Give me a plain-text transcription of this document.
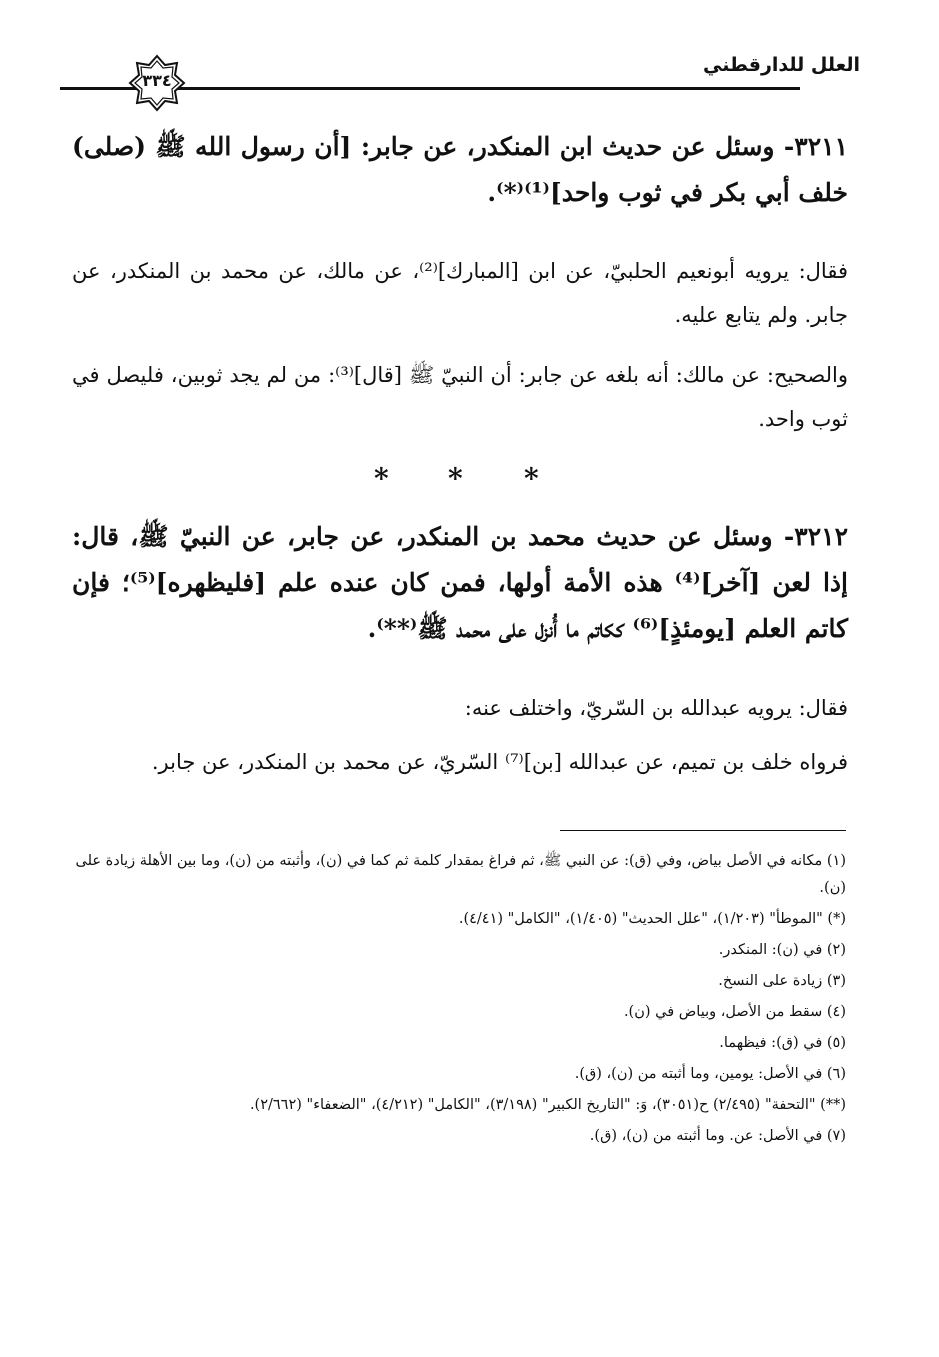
٣٣٤
العلل للدارقطني
٣٢١١- وسئل عن حديث ابن المنكدر، عن جابر: [أن رسول الله ﷺ (صلى) خلف أبي بكر في ثوب واحد]⁽¹⁾⁽*⁾.
فقال: يرويه أبونعيم الحلبيّ، عن ابن [المبارك]⁽²⁾، عن مالك، عن محمد بن المنكدر، عن جابر. ولم يتابع عليه.
والصحيح: عن مالك: أنه بلغه عن جابر: أن النبيّ ﷺ [قال]⁽³⁾: من لم يجد ثوبين، فليصل في ثوب واحد.
* * *
٣٢١٢- وسئل عن حديث محمد بن المنكدر، عن جابر، عن النبيّ ﷺ، قال: إذا لعن [آخر]⁽⁴⁾ هذه الأمة أولها، فمن كان عنده علم [فليظهره]⁽⁵⁾؛ فإن كاتم العلم [يومئذٍ]⁽⁶⁾ ككاتم ما أُنزل على محمد ﷺ⁽**⁾.
فقال: يرويه عبدالله بن السّريّ، واختلف عنه:
فرواه خلف بن تميم، عن عبدالله [بن]⁽⁷⁾ السّريّ، عن محمد بن المنكدر، عن جابر.

(١) مكانه في الأصل بياض، وفي (ق): عن النبي ﷺ، ثم فراغ بمقدار كلمة ثم كما في (ن)، وأثبته من (ن)، وما بين الأهلة زيادة على (ن).

(*) "الموطأ" (١/٢٠٣)، "علل الحديث" (١/٤٠٥)، "الكامل" (٤/٤١).

(٢) في (ن): المنكدر.

(٣) زيادة على النسخ.

(٤) سقط من الأصل، وبياض في (ن).

(٥) في (ق): فيظهما.

(٦) في الأصل: يومين، وما أثبته من (ن)، (ق).

(**) "التحفة" (٢/٤٩٥) ح(٣٠٥١)، وَ: "التاريخ الكبير" (٣/١٩٨)، "الكامل" (٤/٢١٢)، "الضعفاء" (٢/٦٦٢).

(٧) في الأصل: عن. وما أثبته من (ن)، (ق).
